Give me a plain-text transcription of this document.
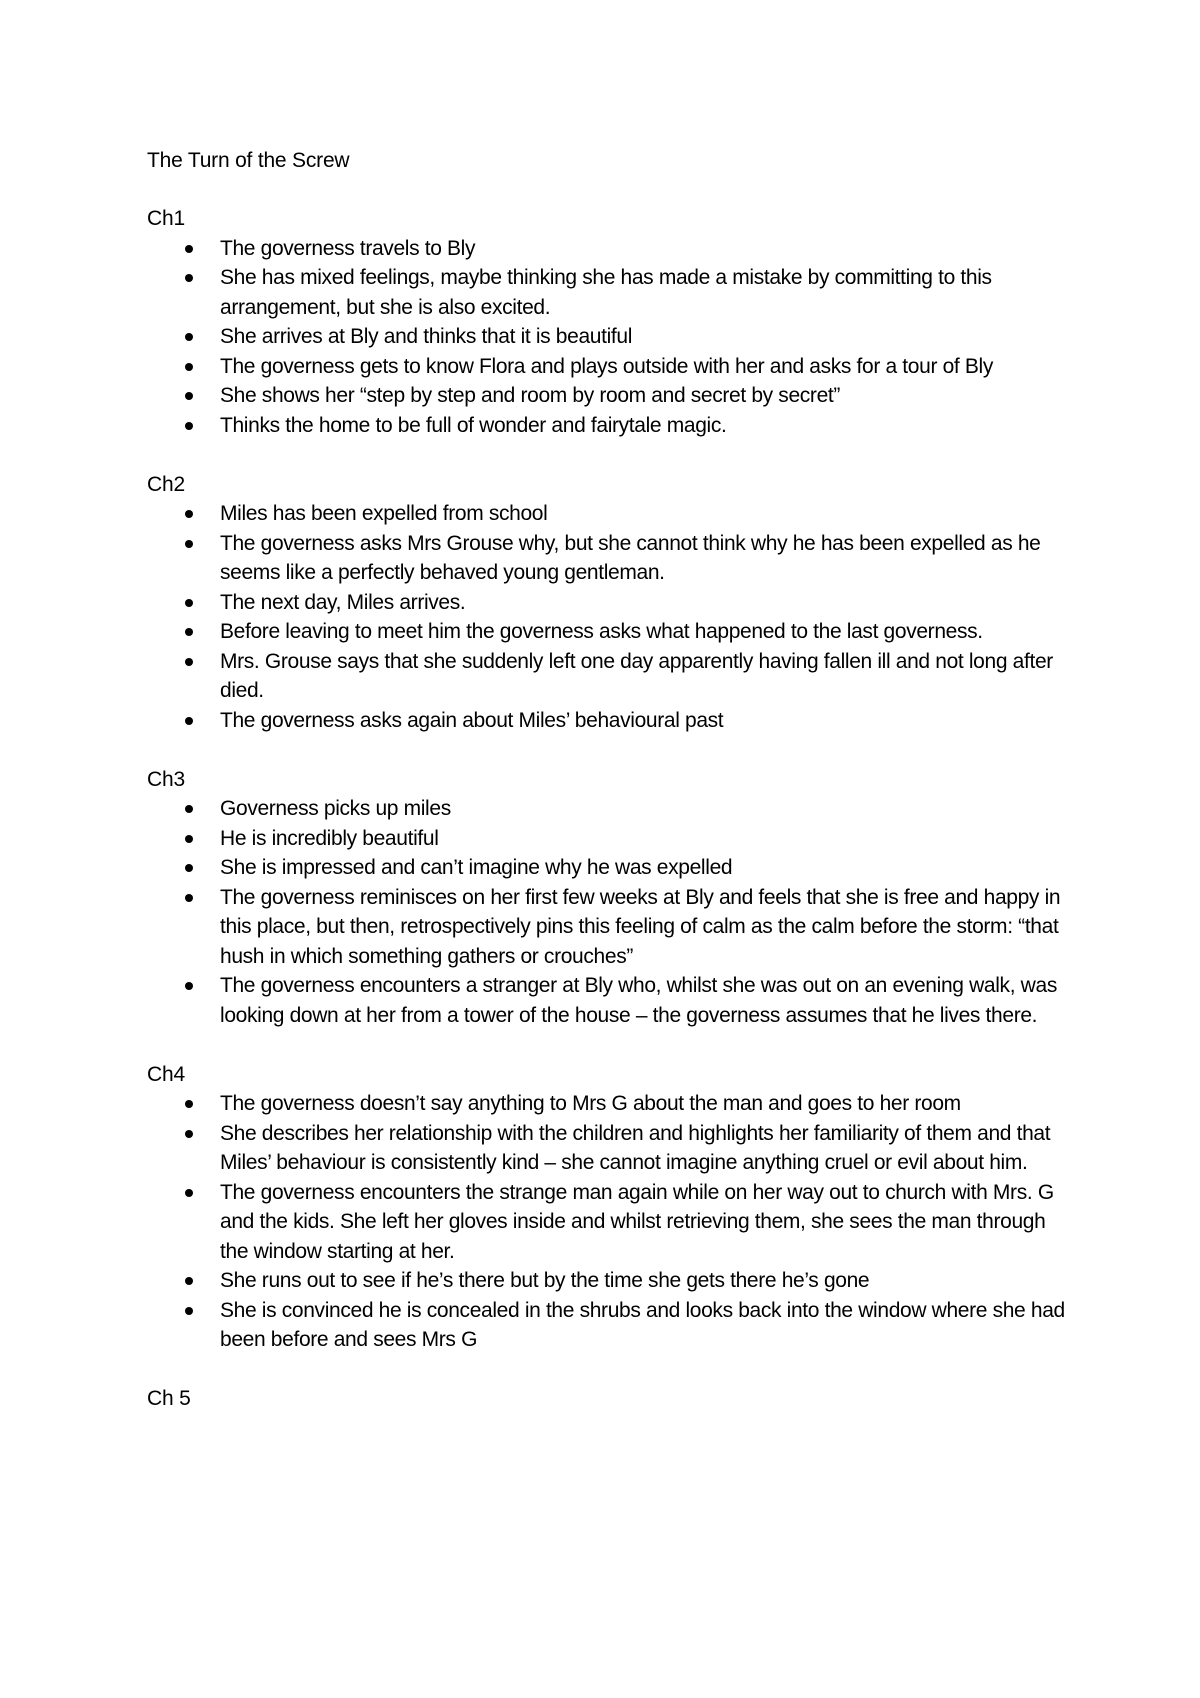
The Turn of the Screw
Ch1
The governess travels to Bly
She has mixed feelings, maybe thinking she has made a mistake by committing to this arrangement, but she is also excited.
She arrives at Bly and thinks that it is beautiful
The governess gets to know Flora and plays outside with her and asks for a tour of Bly
She shows her “step by step and room by room and secret by secret”
Thinks the home to be full of wonder and fairytale magic.
Ch2
Miles has been expelled from school
The governess asks Mrs Grouse why, but she cannot think why he has been expelled as he seems like a perfectly behaved young gentleman.
The next day, Miles arrives.
Before leaving to meet him the governess asks what happened to the last governess.
Mrs. Grouse says that she suddenly left one day apparently having fallen ill and not long after died.
The governess asks again about Miles’ behavioural past
Ch3
Governess picks up miles
He is incredibly beautiful
She is impressed and can’t imagine why he was expelled
The governess reminisces on her first few weeks at Bly and feels that she is free and happy in this place, but then, retrospectively pins this feeling of calm as the calm before the storm: “that hush in which something gathers or crouches”
The governess encounters a stranger at Bly who, whilst she was out on an evening walk, was looking down at her from a tower of the house – the governess assumes that he lives there.
Ch4
The governess doesn’t say anything to Mrs G about the man and goes to her room
She describes her relationship with the children and highlights her familiarity of them and that Miles’ behaviour is consistently kind – she cannot imagine anything cruel or evil about him.
The governess encounters the strange man again while on her way out to church with Mrs. G and the kids. She left her gloves inside and whilst retrieving them, she sees the man through the window starting at her.
She runs out to see if he’s there but by the time she gets there he’s gone
She is convinced he is concealed in the shrubs and looks back into the window where she had been before and sees Mrs G
Ch 5
